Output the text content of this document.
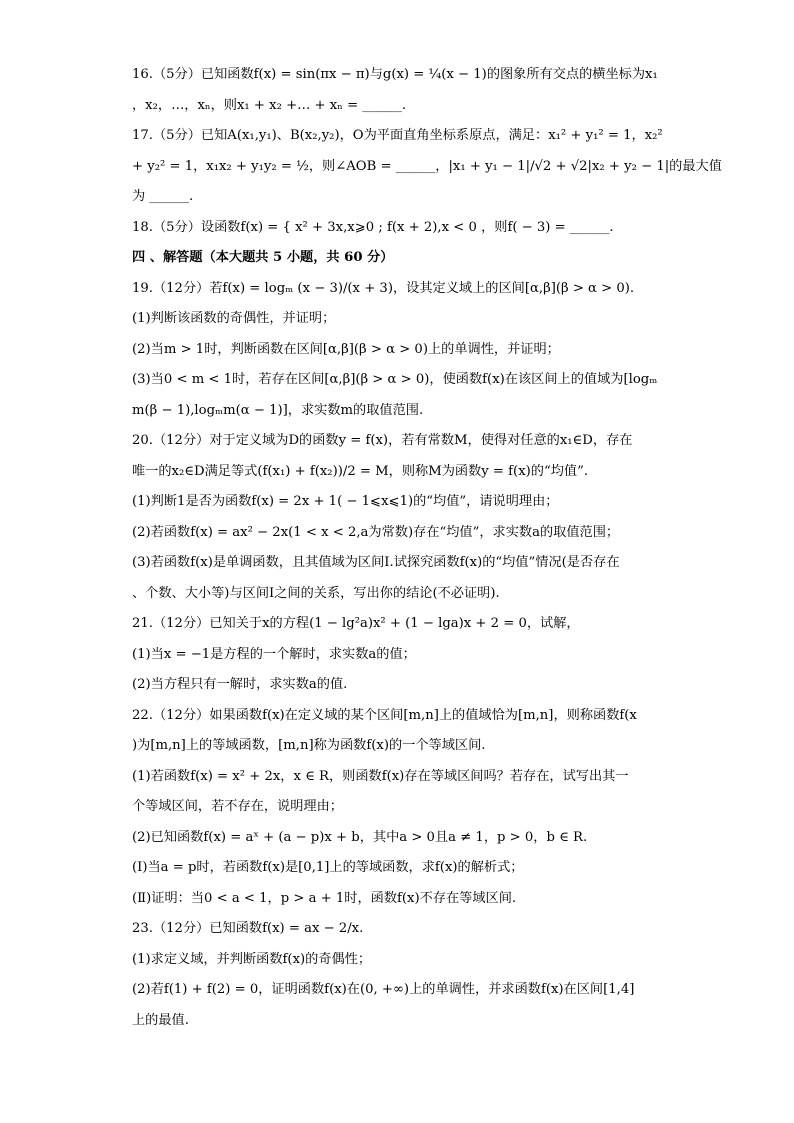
16.（5分）已知函数f(x) = sin(πx − π)与g(x) = ¼(x − 1)的图象所有交点的横坐标为x₁
，x₂，…，xₙ，则x₁ + x₂ +… + xₙ = ______.
17.（5分）已知A(x₁,y₁)、B(x₂,y₂)，O为平面直角坐标系原点，满足：x₁² + y₁² = 1，x₂²
+ y₂² = 1，x₁x₂ + y₁y₂ = ½，则∠AOB = ______，|x₁ + y₁ − 1|/√2 + √2|x₂ + y₂ − 1|的最大值
为 ______.
18.（5分）设函数f(x) = { x² + 3x,x⩾0 ; f(x + 2),x < 0 ，则f( − 3) = ______.
四 、解答题（本大题共 5 小题，共 60 分）
19.（12分）若f(x) = logₘ (x − 3)/(x + 3)，设其定义域上的区间[α,β](β > α > 0).
(1)判断该函数的奇偶性，并证明；
(2)当m > 1时，判断函数在区间[α,β](β > α > 0)上的单调性，并证明；
(3)当0 < m < 1时，若存在区间[α,β](β > α > 0)，使函数f(x)在该区间上的值域为[logₘ
m(β − 1),logₘm(α − 1)]，求实数m的取值范围.
20.（12分）对于定义域为D的函数y = f(x)，若有常数M，使得对任意的x₁∈D，存在
唯一的x₂∈D满足等式(f(x₁) + f(x₂))/2 = M，则称M为函数y = f(x)的“均值”.
(1)判断1是否为函数f(x) = 2x + 1( − 1⩽x⩽1)的“均值”，请说明理由；
(2)若函数f(x) = ax² − 2x(1 < x < 2,a为常数)存在“均值”，求实数a的取值范围；
(3)若函数f(x)是单调函数，且其值域为区间I.试探究函数f(x)的“均值”情况(是否存在
、个数、大小等)与区间I之间的关系，写出你的结论(不必证明).
21.（12分）已知关于x的方程(1 − lg²a)x² + (1 − lga)x + 2 = 0，试解，
(1)当x = −1是方程的一个解时，求实数a的值；
(2)当方程只有一解时，求实数a的值.
22.（12分）如果函数f(x)在定义域的某个区间[m,n]上的值域恰为[m,n]，则称函数f(x
)为[m,n]上的等域函数，[m,n]称为函数f(x)的一个等域区间.
(1)若函数f(x) = x² + 2x，x ∈ R，则函数f(x)存在等域区间吗？若存在，试写出其一
个等域区间，若不存在，说明理由；
(2)已知函数f(x) = aˣ + (a − p)x + b，其中a > 0且a ≠ 1，p > 0，b ∈ R.
(Ⅰ)当a = p时，若函数f(x)是[0,1]上的等域函数，求f(x)的解析式；
(Ⅱ)证明：当0 < a < 1，p > a + 1时，函数f(x)不存在等域区间.
23.（12分）已知函数f(x) = ax − 2/x.
(1)求定义域，并判断函数f(x)的奇偶性；
(2)若f(1) + f(2) = 0，证明函数f(x)在(0, +∞)上的单调性，并求函数f(x)在区间[1,4]
上的最值.
